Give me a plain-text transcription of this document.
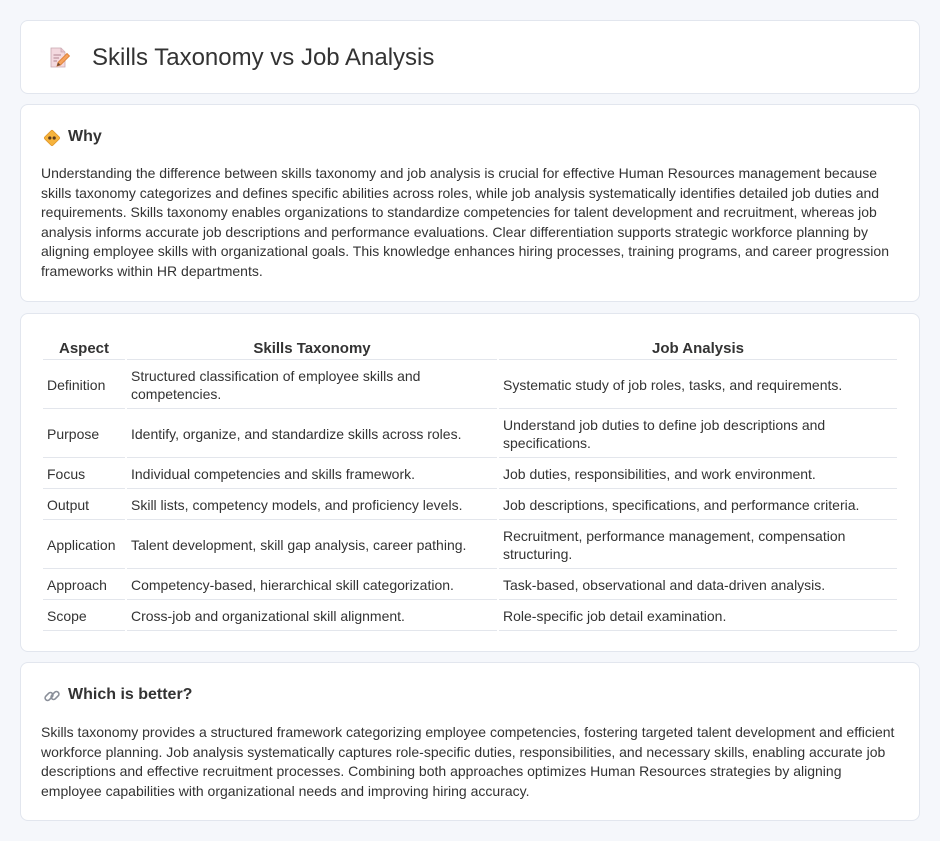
Skills Taxonomy vs Job Analysis
Why

Understanding the difference between skills taxonomy and job analysis is crucial for effective Human Resources management because skills taxonomy categorizes and defines specific abilities across roles, while job analysis systematically identifies detailed job duties and requirements. Skills taxonomy enables organizations to standardize competencies for talent development and recruitment, whereas job analysis informs accurate job descriptions and performance evaluations. Clear differentiation supports strategic workforce planning by aligning employee skills with organizational goals. This knowledge enhances hiring processes, training programs, and career progression frameworks within HR departments.

Aspect	Skills Taxonomy	Job Analysis
Definition	Structured classification of employee skills and competencies.	Systematic study of job roles, tasks, and requirements.
Purpose	Identify, organize, and standardize skills across roles.	Understand job duties to define job descriptions and specifications.
Focus	Individual competencies and skills framework.	Job duties, responsibilities, and work environment.
Output	Skill lists, competency models, and proficiency levels.	Job descriptions, specifications, and performance criteria.
Application	Talent development, skill gap analysis, career pathing.	Recruitment, performance management, compensation structuring.
Approach	Competency-based, hierarchical skill categorization.	Task-based, observational and data-driven analysis.
Scope	Cross-job and organizational skill alignment.	Role-specific job detail examination.
Which is better?

Skills taxonomy provides a structured framework categorizing employee competencies, fostering targeted talent development and efficient workforce planning. Job analysis systematically captures role-specific duties, responsibilities, and necessary skills, enabling accurate job descriptions and effective recruitment processes. Combining both approaches optimizes Human Resources strategies by aligning employee capabilities with organizational needs and improving hiring accuracy.
